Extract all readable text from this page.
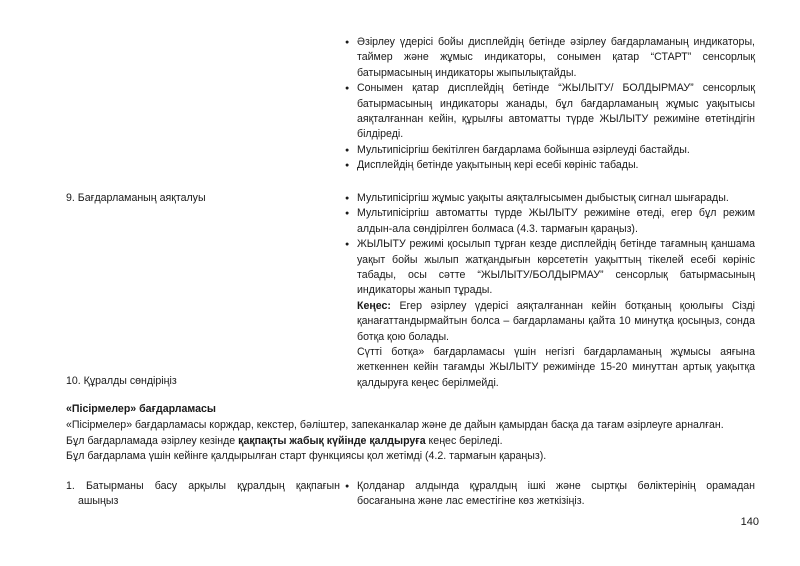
● Әзірлеу үдерісі бойы дисплейдің бетінде әзірлеу бағдарламаның индикаторы, таймер және жұмыс индикаторы, сонымен қатар “СТАРТ” сенсорлық батырмасының индикаторы жыпылықтайды.
● Сонымен қатар дисплейдің бетінде “ЖЫЛЫТУ/ БОЛДЫРМАУ” сенсорлық батырмасының индикаторы жанады, бұл бағдарламаның жұмыс уақытысы аяқталғаннан кейін, құрылғы автоматты түрде ЖЫЛЫТУ режиміне өтетіндігін білдіреді.
● Мультипісіргіш бекітілген бағдарлама бойынша әзірлеуді бастайды.
● Дисплейдің бетінде уақытының кері есебі көрініс табады.
9. Бағдарламаның аяқталуы
●	Мультипісіргіш жұмыс уақыты аяқталғысымен дыбыстық сигнал шығарады.
● Мультипісіргіш автоматты түрде ЖЫЛЫТУ режиміне өтеді, егер бұл режим алдын-ала сөндірілген болмаса (4.3. тармағын қараңыз).
● ЖЫЛЫТУ режимі қосылып тұрған кезде дисплейдің бетінде тағамның қаншама уақыт бойы жылып жатқандығын көрсететін уақыттың тікелей есебі көрініс табады, осы сәтте “ЖЫЛЫТУ/БОЛДЫРМАУ” сенсорлық батырмасының индикаторы жанып тұрады.

Кеңес: Егер әзірлеу үдерісі аяқталғаннан кейін ботқаның қоюлығы Сізді қанағаттандырмайтын болса – бағдарламаны қайта 10 минутқа қосыңыз, сонда ботқа қою болады.

Сүтті ботқа» бағдарламасы үшін негізгі бағдарламаның жұмысы аяғына жеткеннен кейін тағамды ЖЫЛЫТУ режимінде 15-20 минуттан артық уақытқа қалдыруға кеңес берілмейді.

10. Құралды сөндіріңіз
«Пісірмелер» бағдарламасы
«Пісірмелер» бағдарламасы корждар, кекстер, бәліштер, запеканкалар және де дайын қамырдан басқа да тағам әзірлеуге арналған.
Бұл бағдарламада әзірлеу кезінде қақпақты жабық күйінде қалдыруға кеңес беріледі.
Бұл бағдарлама үшін кейінге қалдырылған старт функциясы қол жетімді (4.2. тармағын қараңыз).
1. Батырманы басу арқылы құралдың қақпағын ашыңыз
● Қолданар алдында құралдың ішкі және сыртқы бөліктерінің орамадан босағанына және лас еместігіне көз жеткізіңіз.
140
